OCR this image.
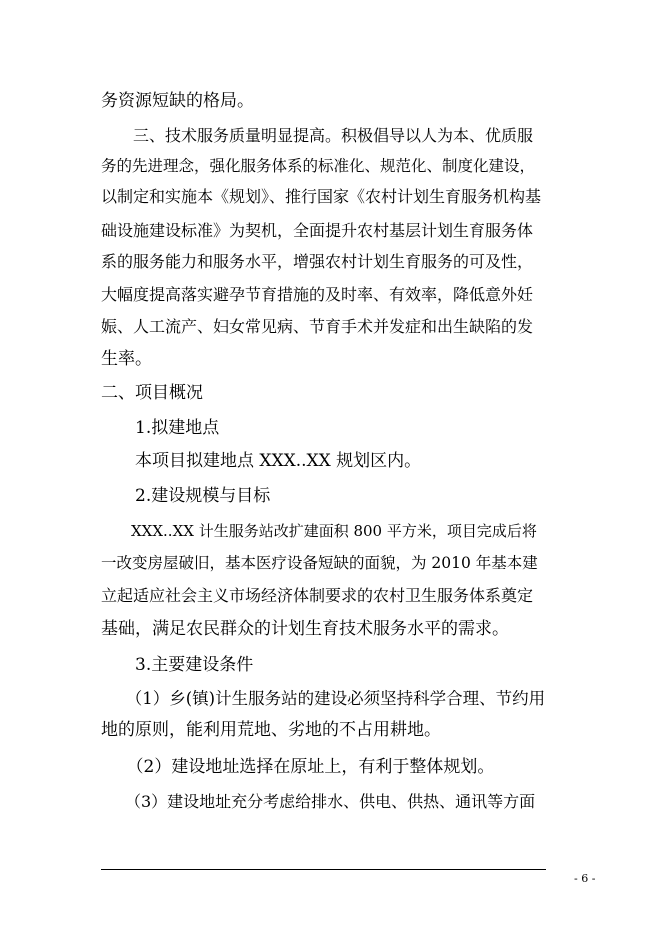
务资源短缺的格局。
　　三、技术服务质量明显提高。积极倡导以人为本、优质服
务的先进理念，强化服务体系的标准化、规范化、制度化建设，
以制定和实施本《规划》、推行国家《农村计划生育服务机构基
础设施建设标准》为契机，全面提升农村基层计划生育服务体
系的服务能力和服务水平，增强农村计划生育服务的可及性，
大幅度提高落实避孕节育措施的及时率、有效率，降低意外妊
娠、人工流产、妇女常见病、节育手术并发症和出生缺陷的发
生率。
二、项目概况
　　1.拟建地点
　　本项目拟建地点 XXX..XX 规划区内。
　　2.建设规模与目标
　　XXX..XX 计生服务站改扩建面积 800 平方米，项目完成后将
一改变房屋破旧，基本医疗设备短缺的面貌，为 2010 年基本建
立起适应社会主义市场经济体制要求的农村卫生服务体系奠定
基础，满足农民群众的计划生育技术服务水平的需求。
　　3.主要建设条件
　　（1）乡(镇)计生服务站的建设必须坚持科学合理、节约用
地的原则，能利用荒地、劣地的不占用耕地。
　　（2）建设地址选择在原址上，有利于整体规划。
　　（3）建设地址充分考虑给排水、供电、供热、通讯等方面
- 6 -
